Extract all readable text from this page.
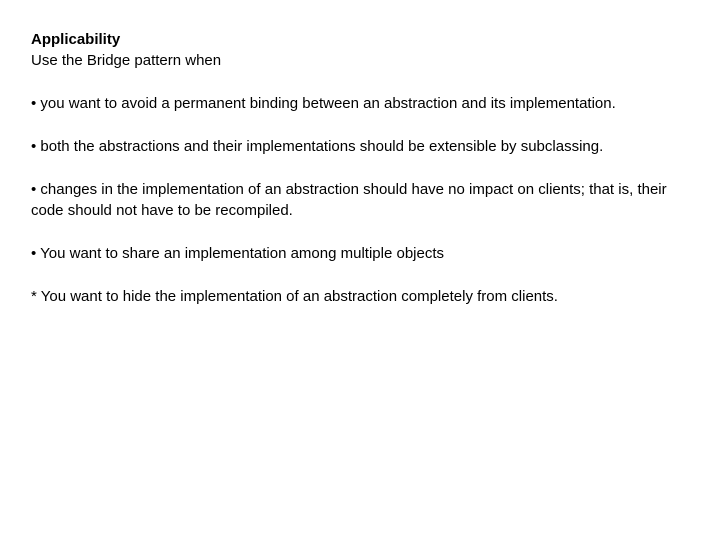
Applicability
Use the Bridge pattern when
• you want to avoid a permanent binding between an abstraction and its implementation.
• both the abstractions and their implementations should be extensible by subclassing.
• changes in the implementation of an abstraction should have no impact on clients; that is, their code should not have to be recompiled.
• You want to share an implementation among multiple objects
* You want to hide the implementation of an abstraction completely from clients.
